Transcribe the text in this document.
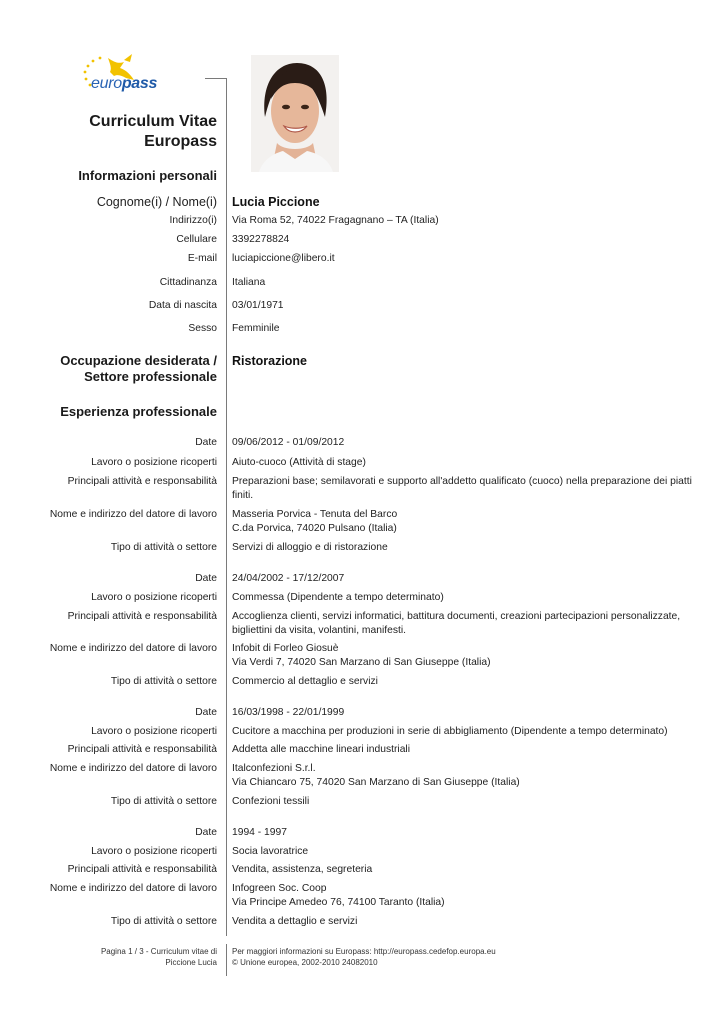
europass
Curriculum Vitae
Europass
Informazioni personali
Cognome(i) / Nome(i) Lucia Piccione
Indirizzo(i) Via Roma 52, 74022 Fragagnano – TA (Italia)
Cellulare 3392278824
E-mail luciapiccione@libero.it
Cittadinanza Italiana
Data di nascita 03/01/1971
Sesso Femminile
Occupazione desiderata /
Settore professionale
Ristorazione
Esperienza professionale
Date 09/06/2012 - 01/09/2012
Lavoro o posizione ricoperti Aiuto-cuoco (Attività di stage)
Principali attività e responsabilità Preparazioni base; semilavorati e supporto all'addetto qualificato (cuoco) nella preparazione dei piatti finiti.
Nome e indirizzo del datore di lavoro Masseria Porvica - Tenuta del Barco
C.da Porvica, 74020 Pulsano (Italia)
Tipo di attività o settore Servizi di alloggio e di ristorazione
Date 24/04/2002 - 17/12/2007
Lavoro o posizione ricoperti Commessa (Dipendente a tempo determinato)
Principali attività e responsabilità Accoglienza clienti, servizi informatici, battitura documenti, creazioni partecipazioni personalizzate, bigliettini da visita, volantini, manifesti.
Nome e indirizzo del datore di lavoro Infobit di Forleo Giosuè
Via Verdi 7, 74020 San Marzano di San Giuseppe (Italia)
Tipo di attività o settore Commercio al dettaglio e servizi
Date 16/03/1998 - 22/01/1999
Lavoro o posizione ricoperti Cucitore a macchina per produzioni in serie di abbigliamento (Dipendente a tempo determinato)
Principali attività e responsabilità Addetta alle macchine lineari industriali
Nome e indirizzo del datore di lavoro Italconfezioni S.r.l.
Via Chiancaro 75, 74020 San Marzano di San Giuseppe (Italia)
Tipo di attività o settore Confezioni tessili
Date 1994 - 1997
Lavoro o posizione ricoperti Socia lavoratrice
Principali attività e responsabilità Vendita, assistenza, segreteria
Nome e indirizzo del datore di lavoro Infogreen Soc. Coop
Via Principe Amedeo 76, 74100 Taranto (Italia)
Tipo di attività o settore Vendita a dettaglio e servizi
Pagina 1 / 3 - Curriculum vitae di
Piccione Lucia
Per maggiori informazioni su Europass: http://europass.cedefop.europa.eu
© Unione europea, 2002-2010 24082010
